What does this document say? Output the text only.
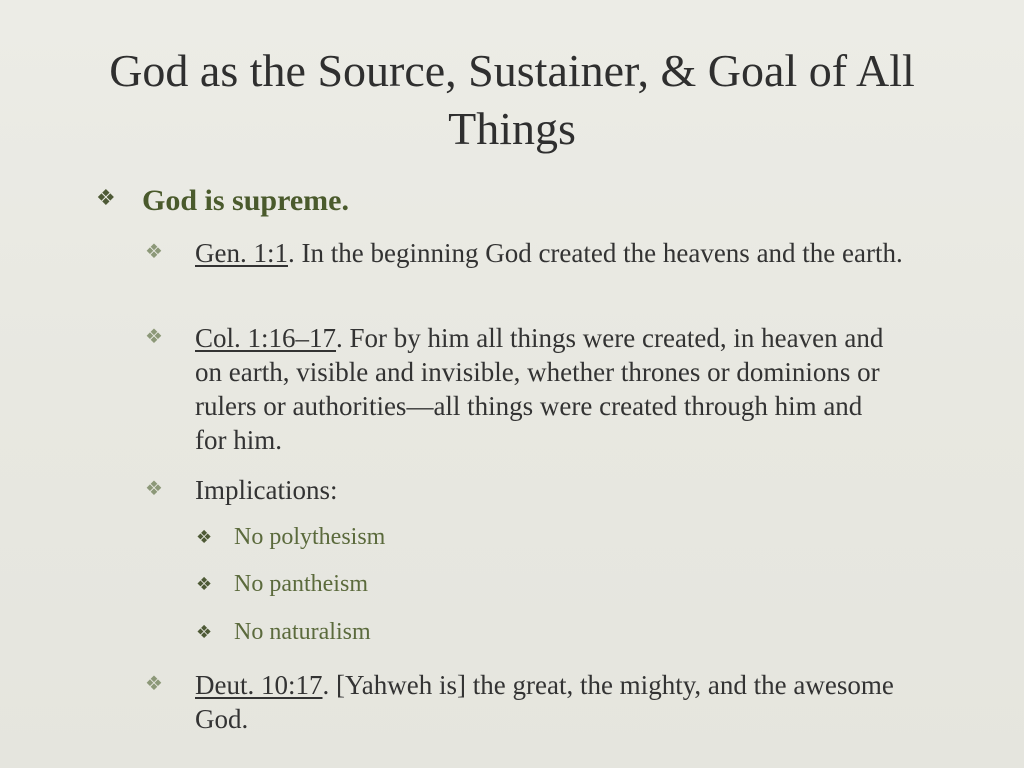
God as the Source, Sustainer, & Goal of All Things
❖ God is supreme.
❖	Gen. 1:1. In the beginning God created the heavens and the earth.
❖	Col. 1:16–17. For by him all things were created, in heaven and on earth, visible and invisible, whether thrones or dominions or rulers or authorities—all things were created through him and for him.
❖	Implications:
❖ No polythesism
❖ No pantheism
❖ No naturalism
❖	Deut. 10:17. [Yahweh is] the great, the mighty, and the awesome God.
